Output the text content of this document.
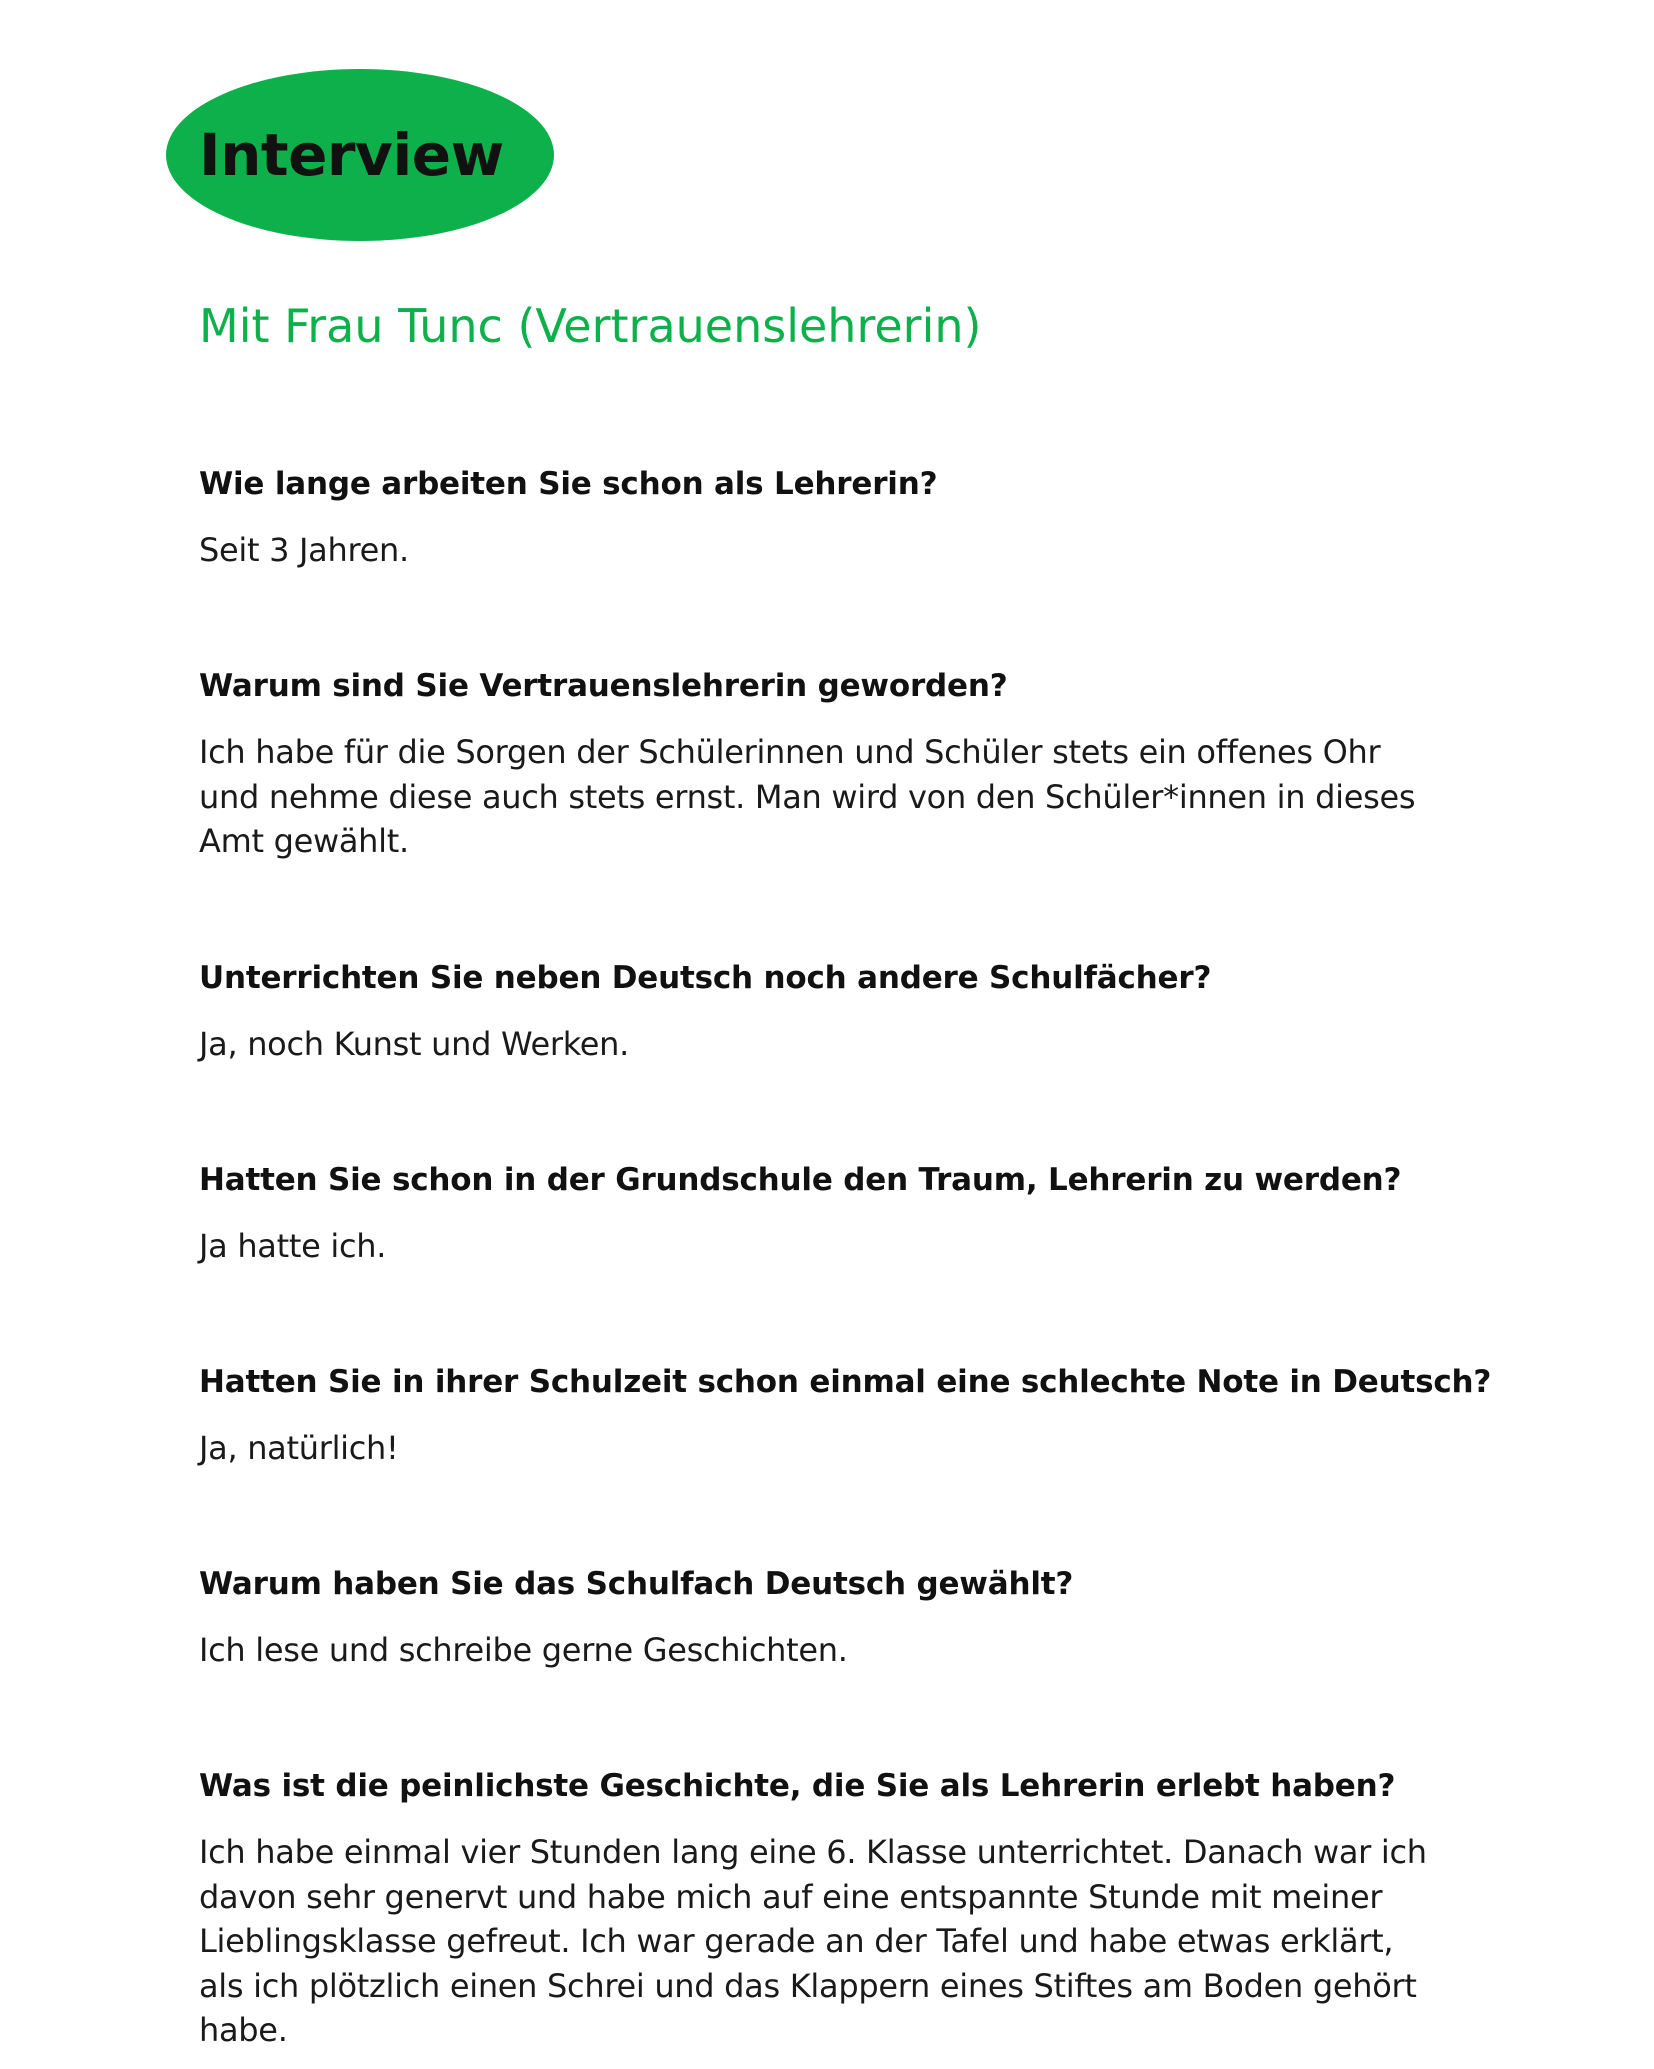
Interview
Mit Frau Tunc (Vertrauenslehrerin)

Wie lange arbeiten Sie schon als Lehrerin?

Seit 3 Jahren.

Warum sind Sie Vertrauenslehrerin geworden?

Ich habe für die Sorgen der Schülerinnen und Schüler stets ein offenes Ohr
und nehme diese auch stets ernst. Man wird von den Schüler*innen in dieses
Amt gewählt.

Unterrichten Sie neben Deutsch noch andere Schulfächer?

Ja, noch Kunst und Werken.

Hatten Sie schon in der Grundschule den Traum, Lehrerin zu werden?

Ja hatte ich.

Hatten Sie in ihrer Schulzeit schon einmal eine schlechte Note in Deutsch?

Ja, natürlich!

Warum haben Sie das Schulfach Deutsch gewählt?

Ich lese und schreibe gerne Geschichten.

Was ist die peinlichste Geschichte, die Sie als Lehrerin erlebt haben?

Ich habe einmal vier Stunden lang eine 6. Klasse unterrichtet. Danach war ich
davon sehr genervt und habe mich auf eine entspannte Stunde mit meiner
Lieblingsklasse gefreut. Ich war gerade an der Tafel und habe etwas erklärt,
als ich plötzlich einen Schrei und das Klappern eines Stiftes am Boden gehört
habe.
